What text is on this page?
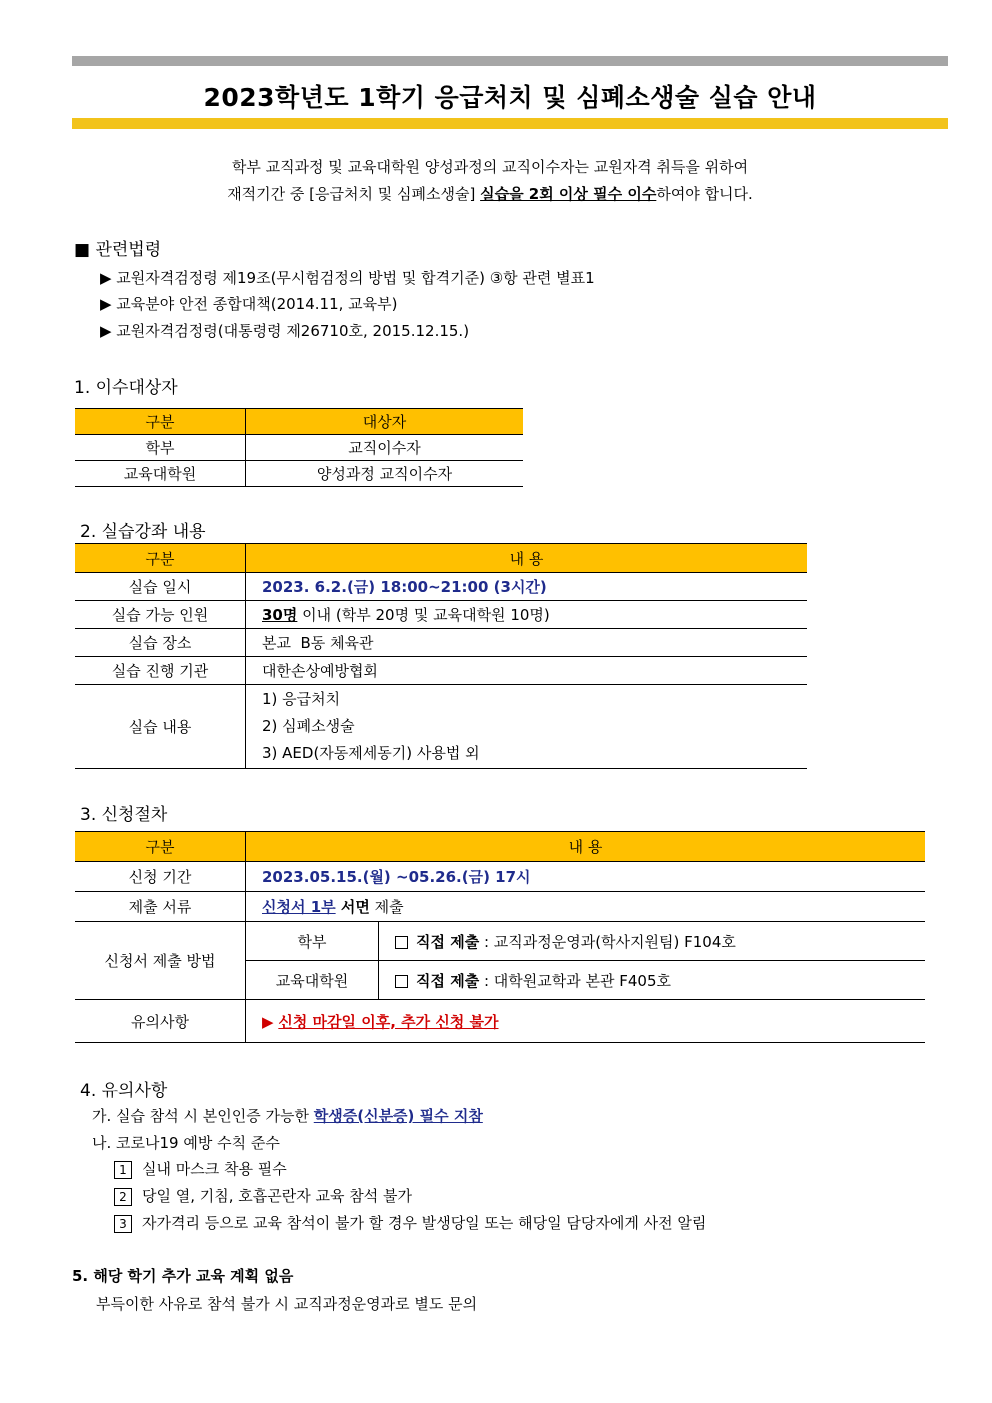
2023학년도 1학기 응급처치 및 심폐소생술 실습 안내
학부 교직과정 및 교육대학원 양성과정의 교직이수자는 교원자격 취득을 위하여
재적기간 중 [응급처치 및 심폐소생술] 실습을 2회 이상 필수 이수하여야 합니다.
■ 관련법령
▶ 교원자격검정령 제19조(무시험검정의 방법 및 합격기준) ③항 관련 별표1
▶ 교육분야 안전 종합대책(2014.11, 교육부)
▶ 교원자격검정령(대통령령 제26710호, 2015.12.15.)
1. 이수대상자
구분	대상자
학부	교직이수자
교육대학원	양성과정 교직이수자
2. 실습강좌 내용
구분	내 용
실습 일시	2023. 6.2.(금) 18:00~21:00 (3시간)
실습 가능 인원	30명 이내 (학부 20명 및 교육대학원 10명)
실습 장소	본교  B동 체육관
실습 진행 기관	대한손상예방협회
실습 내용	1) 응급처치
2) 심폐소생술
3) AED(자동제세동기) 사용법 외
3. 신청절차
구분	내 용	
신청 기간	2023.05.15.(월) ~05.26.(금) 17시	
제출 서류	신청서 1부 서면 제출	
신청서 제출 방법	학부	직접 제출 : 교직과정운영과(학사지원팀) F104호
	교육대학원	직접 제출 : 대학원교학과 본관 F405호
유의사항	▶ 신청 마감일 이후, 추가 신청 불가	
4. 유의사항
가. 실습 참석 시 본인인증 가능한 학생증(신분증) 필수 지참
나. 코로나19 예방 수칙 준수
1 실내 마스크 착용 필수
2 당일 열, 기침, 호흡곤란자 교육 참석 불가
3 자가격리 등으로 교육 참석이 불가 할 경우 발생당일 또는 해당일 담당자에게 사전 알림
5. 해당 학기 추가 교육 계획 없음
부득이한 사유로 참석 불가 시 교직과정운영과로 별도 문의
